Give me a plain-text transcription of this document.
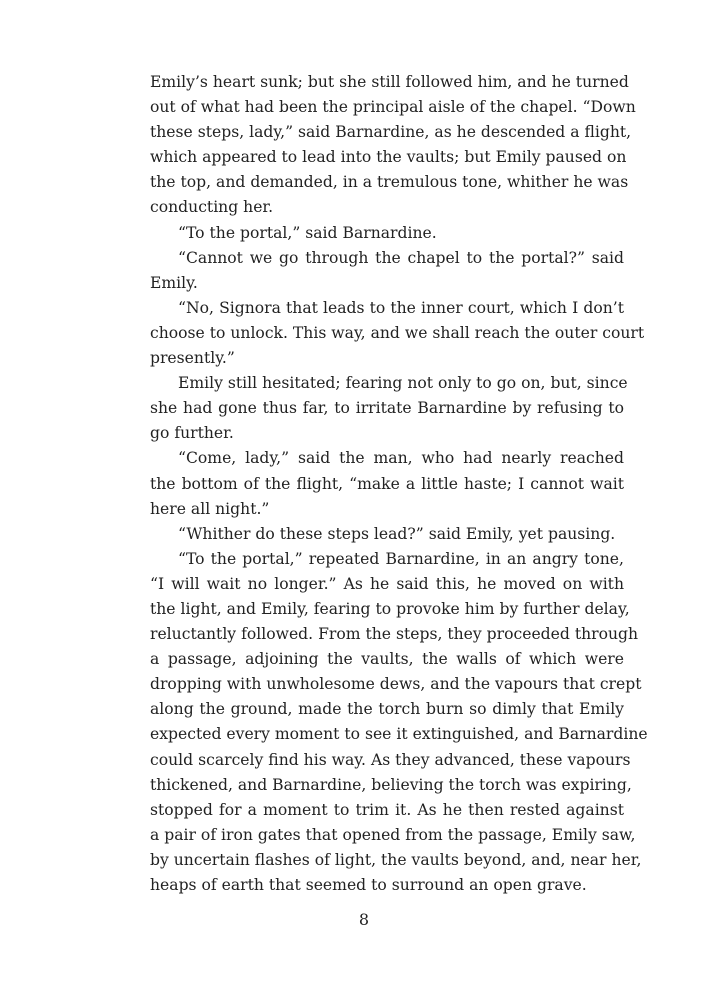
Emily’s heart sunk; but she still followed him, and he turned
out of what had been the principal aisle of the chapel. “Down
these steps, lady,” said Barnardine, as he descended a flight,
which appeared to lead into the vaults; but Emily paused on
the top, and demanded, in a tremulous tone, whither he was
conducting her.
“To the portal,” said Barnardine.
“Cannot we go through the chapel to the portal?” said
Emily.
“No, Signora that leads to the inner court, which I don’t
choose to unlock. This way, and we shall reach the outer court
presently.”
Emily still hesitated; fearing not only to go on, but, since
she had gone thus far, to irritate Barnardine by refusing to
go further.
“Come, lady,” said the man, who had nearly reached
the bottom of the flight, “make a little haste; I cannot wait
here all night.”
“Whither do these steps lead?” said Emily, yet pausing.
“To the portal,” repeated Barnardine, in an angry tone,
“I will wait no longer.” As he said this, he moved on with
the light, and Emily, fearing to provoke him by further delay,
reluctantly followed. From the steps, they proceeded through
a passage, adjoining the vaults, the walls of which were
dropping with unwholesome dews, and the vapours that crept
along the ground, made the torch burn so dimly that Emily
expected every moment to see it extinguished, and Barnardine
could scarcely find his way. As they advanced, these vapours
thickened, and Barnardine, believing the torch was expiring,
stopped for a moment to trim it. As he then rested against
a pair of iron gates that opened from the passage, Emily saw,
by uncertain flashes of light, the vaults beyond, and, near her,
heaps of earth that seemed to surround an open grave.
8
